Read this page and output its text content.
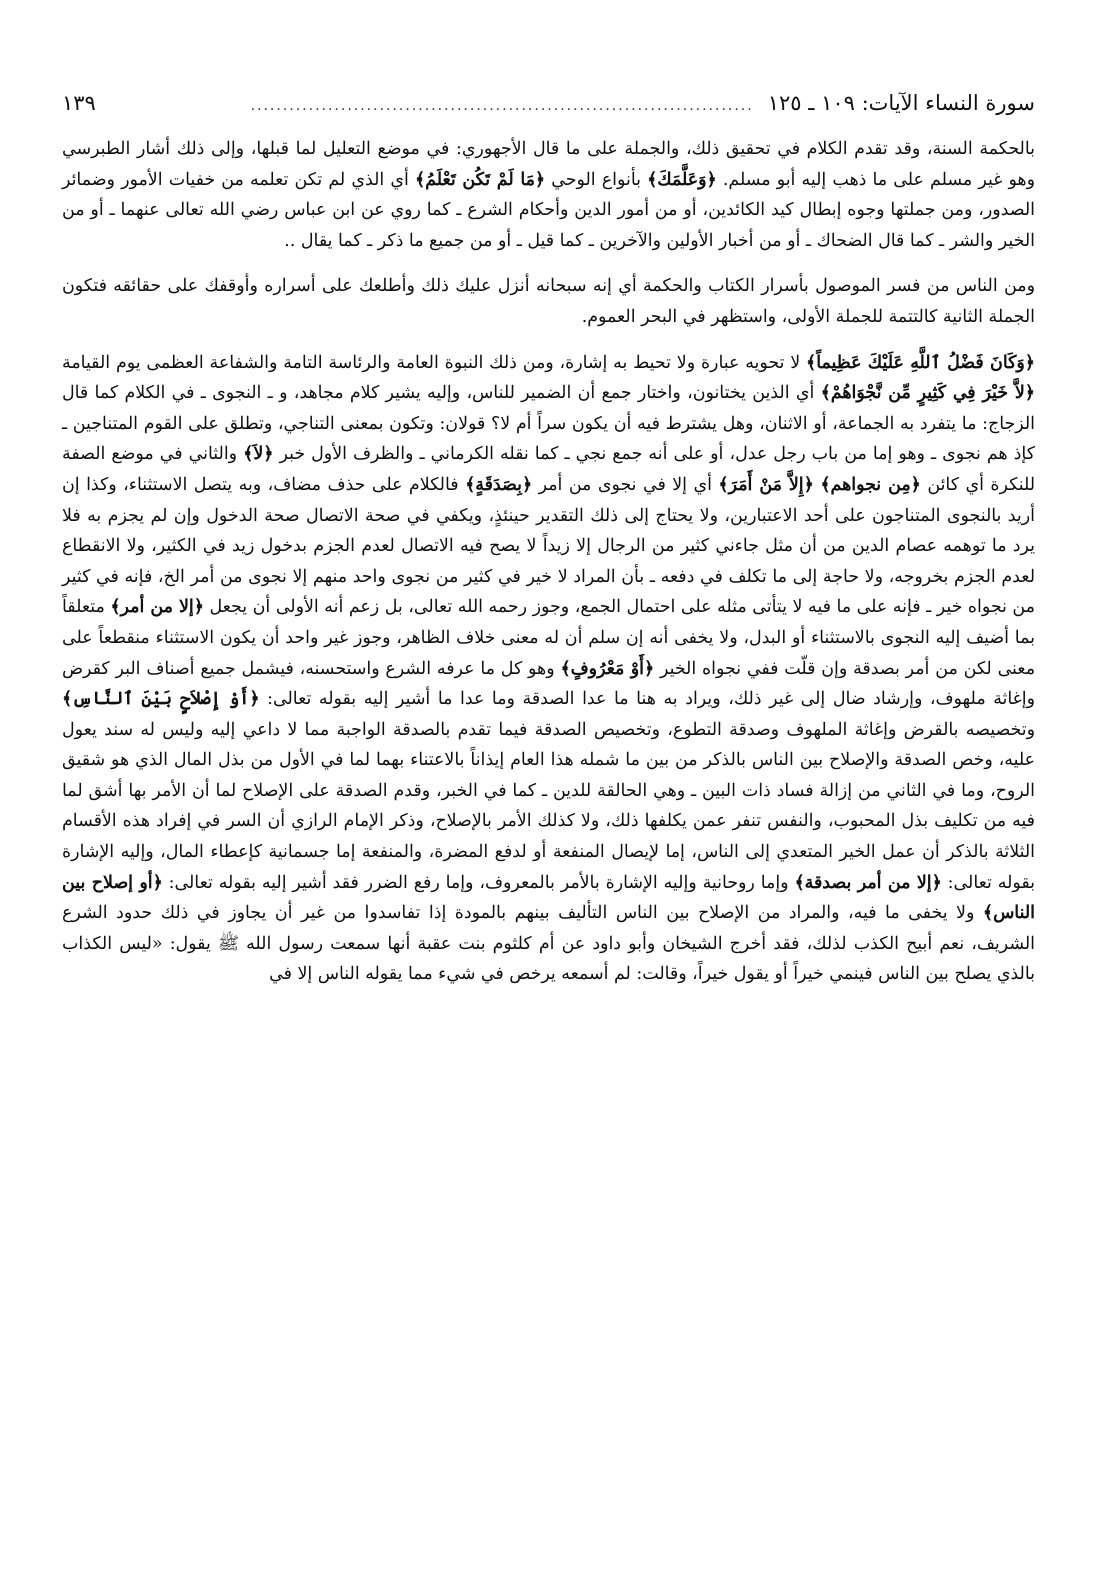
سورة النساء الآيات: ١٠٩ ـ ١٢٥
..............................................................................
١٣٩

بالحكمة السنة، وقد تقدم الكلام في تحقيق ذلك، والجملة على ما قال الأجهوري: في موضع التعليل لما قبلها، وإلى ذلك أشار الطبرسي وهو غير مسلم على ما ذهب إليه أبو مسلم. ﴿وَعَلَّمَكَ﴾ بأنواع الوحي ﴿مَا لَمْ تَكُن تَعْلَمُ﴾ أي الذي لم تكن تعلمه من خفيات الأمور وضمائر الصدور، ومن جملتها وجوه إبطال كيد الكائدين، أو من أمور الدين وأحكام الشرع ـ كما روي عن ابن عباس رضي الله تعالى عنهما ـ أو من الخير والشر ـ كما قال الضحاك ـ أو من أخبار الأولين والآخرين ـ كما قيل ـ أو من جميع ما ذكر ـ كما يقال ..

ومن الناس من فسر الموصول بأسرار الكتاب والحكمة أي إنه سبحانه أنزل عليك ذلك وأطلعك على أسراره وأوقفك على حقائقه فتكون الجملة الثانية كالتتمة للجملة الأولى، واستظهر في البحر العموم.

﴿وَكَانَ فَضْلُ ٱللَّهِ عَلَيْكَ عَظِيماً﴾ لا تحويه عبارة ولا تحيط به إشارة، ومن ذلك النبوة العامة والرئاسة التامة والشفاعة العظمى يوم القيامة ﴿لاَّ خَيْرَ فِي كَثِيرٍ مِّن نَّجْوَاهُمْ﴾ أي الذين يختانون، واختار جمع أن الضمير للناس، وإليه يشير كلام مجاهد، و ـ النجوى ـ في الكلام كما قال الزجاج: ما يتفرد به الجماعة، أو الاثنان، وهل يشترط فيه أن يكون سراً أم لا؟ قولان: وتكون بمعنى التناجي، وتطلق على القوم المتناجين ـ كإذ هم نجوى ـ وهو إما من باب رجل عدل، أو على أنه جمع نجي ـ كما نقله الكرماني ـ والظرف الأول خبر ﴿لاَ﴾ والثاني في موضع الصفة للنكرة أي كائن ﴿مِن نجواهم﴾ ﴿إِلاَّ مَنْ أَمَرَ﴾ أي إلا في نجوى من أمر ﴿بِصَدَقَةٍ﴾ فالكلام على حذف مضاف، وبه يتصل الاستثناء، وكذا إن أريد بالنجوى المتناجون على أحد الاعتبارين، ولا يحتاج إلى ذلك التقدير حينئذٍ، ويكفي في صحة الاتصال صحة الدخول وإن لم يجزم به فلا يرد ما توهمه عصام الدين من أن مثل جاءني كثير من الرجال إلا زيداً لا يصح فيه الاتصال لعدم الجزم بدخول زيد في الكثير، ولا الانقطاع لعدم الجزم بخروجه، ولا حاجة إلى ما تكلف في دفعه ـ بأن المراد لا خير في كثير من نجوى واحد منهم إلا نجوى من أمر الخ، فإنه في كثير من نجواه خير ـ فإنه على ما فيه لا يتأتى مثله على احتمال الجمع، وجوز رحمه الله تعالى، بل زعم أنه الأولى أن يجعل ﴿إلا من أمر﴾ متعلقاً بما أضيف إليه النجوى بالاستثناء أو البدل، ولا يخفى أنه إن سلم أن له معنى خلاف الظاهر، وجوز غير واحد أن يكون الاستثناء منقطعاً على معنى لكن من أمر بصدقة وإن قلّت ففي نجواه الخير ﴿أَوْ مَعْرُوفٍ﴾ وهو كل ما عرفه الشرع واستحسنه، فيشمل جميع أصناف البر كقرض وإغاثة ملهوف، وإرشاد ضال إلى غير ذلك، ويراد به هنا ما عدا الصدقة وما عدا ما أشير إليه بقوله تعالى: ﴿أَوْ إِصْلاَحٍ بَيْنَ ٱلنَّاسِ﴾ وتخصيصه بالقرض وإغاثة الملهوف وصدقة التطوع، وتخصيص الصدقة فيما تقدم بالصدقة الواجبة مما لا داعي إليه وليس له سند يعول عليه، وخص الصدقة والإصلاح بين الناس بالذكر من بين ما شمله هذا العام إيذاناً بالاعتناء بهما لما في الأول من بذل المال الذي هو شقيق الروح، وما في الثاني من إزالة فساد ذات البين ـ وهي الحالقة للدين ـ كما في الخبر، وقدم الصدقة على الإصلاح لما أن الأمر بها أشق لما فيه من تكليف بذل المحبوب، والنفس تنفر عمن يكلفها ذلك، ولا كذلك الأمر بالإصلاح، وذكر الإمام الرازي أن السر في إفراد هذه الأقسام الثلاثة بالذكر أن عمل الخير المتعدي إلى الناس، إما لإيصال المنفعة أو لدفع المضرة، والمنفعة إما جسمانية كإعطاء المال، وإليه الإشارة بقوله تعالى: ﴿إلا من أمر بصدقة﴾ وإما روحانية وإليه الإشارة بالأمر بالمعروف، وإما رفع الضرر فقد أشير إليه بقوله تعالى: ﴿أو إصلاح بين الناس﴾ ولا يخفى ما فيه، والمراد من الإصلاح بين الناس التأليف بينهم بالمودة إذا تفاسدوا من غير أن يجاوز في ذلك حدود الشرع الشريف، نعم أبيح الكذب لذلك، فقد أخرج الشيخان وأبو داود عن أم كلثوم بنت عقبة أنها سمعت رسول الله ﷺ يقول: «ليس الكذاب بالذي يصلح بين الناس فينمي خيراً أو يقول خيراً، وقالت: لم أسمعه يرخص في شيء مما يقوله الناس إلا في
